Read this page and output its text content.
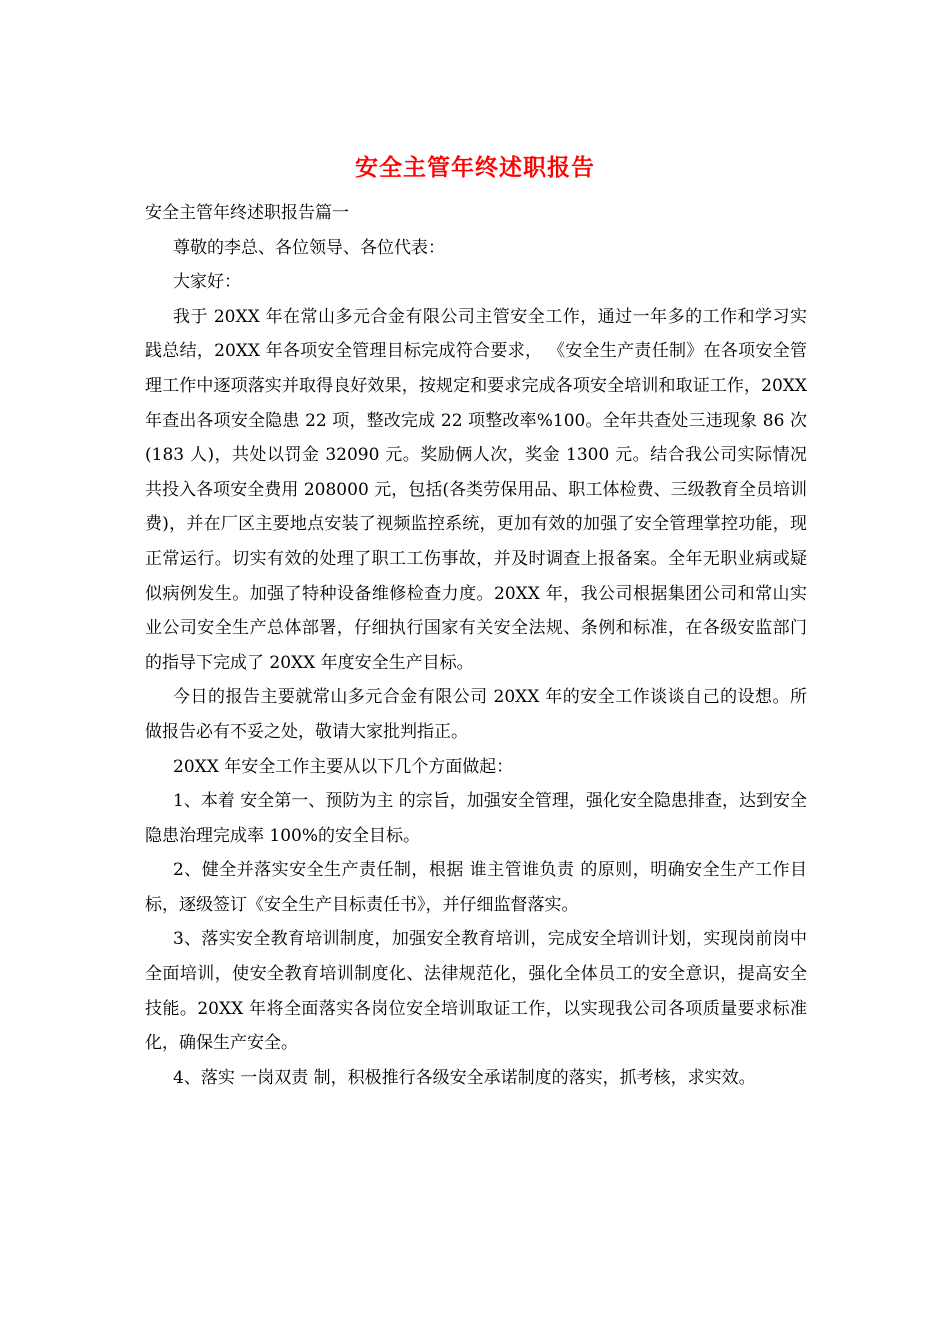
安全主管年终述职报告

安全主管年终述职报告篇一

尊敬的李总、各位领导、各位代表：

大家好：

我于 20XX 年在常山多元合金有限公司主管安全工作，通过一年多的工作和学习实践总结，20XX 年各项安全管理目标完成符合要求， 《安全生产责任制》在各项安全管理工作中逐项落实并取得良好效果，按规定和要求完成各项安全培训和取证工作，20XX 年查出各项安全隐患 22 项，整改完成 22 项整改率%100。全年共查处三违现象 86 次(183 人)，共处以罚金 32090 元。奖励俩人次，奖金 1300 元。结合我公司实际情况共投入各项安全费用 208000 元，包括(各类劳保用品、职工体检费、三级教育全员培训费)，并在厂区主要地点安装了视频监控系统，更加有效的加强了安全管理掌控功能，现正常运行。切实有效的处理了职工工伤事故，并及时调查上报备案。全年无职业病或疑似病例发生。加强了特种设备维修检查力度。20XX 年，我公司根据集团公司和常山实业公司安全生产总体部署，仔细执行国家有关安全法规、条例和标准，在各级安监部门的指导下完成了 20XX 年度安全生产目标。

今日的报告主要就常山多元合金有限公司 20XX 年的安全工作谈谈自己的设想。所做报告必有不妥之处，敬请大家批判指正。

20XX 年安全工作主要从以下几个方面做起：

1、本着 安全第一、预防为主 的宗旨，加强安全管理，强化安全隐患排查，达到安全隐患治理完成率 100%的安全目标。

2、健全并落实安全生产责任制，根据 谁主管谁负责 的原则，明确安全生产工作目标，逐级签订《安全生产目标责任书》，并仔细监督落实。

3、落实安全教育培训制度，加强安全教育培训，完成安全培训计划，实现岗前岗中全面培训，使安全教育培训制度化、法律规范化，强化全体员工的安全意识，提高安全技能。20XX 年将全面落实各岗位安全培训取证工作，以实现我公司各项质量要求标准化，确保生产安全。

4、落实 一岗双责 制，积极推行各级安全承诺制度的落实，抓考核，求实效。
